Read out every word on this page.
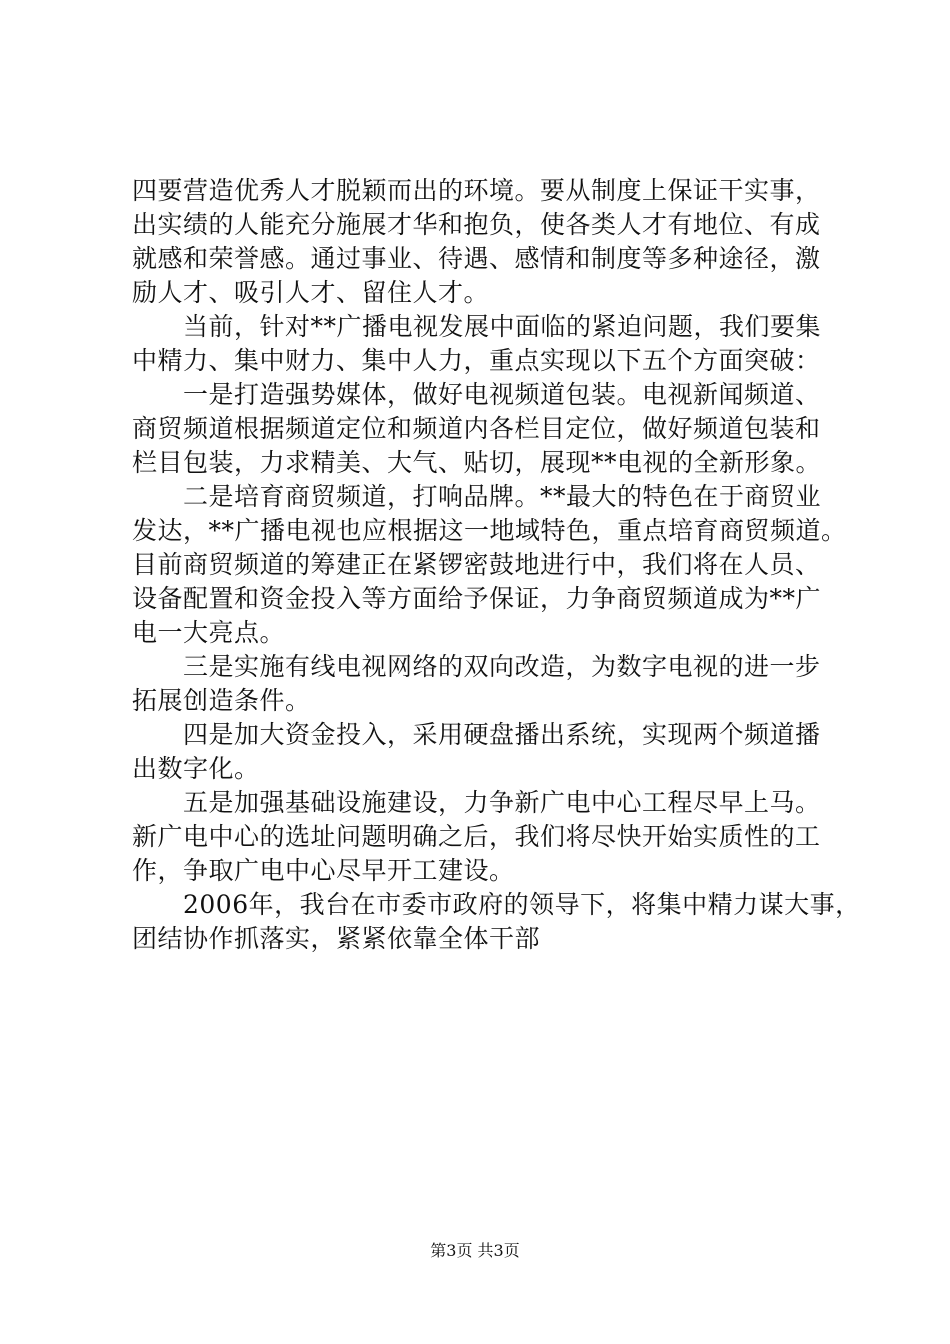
四要营造优秀人才脱颖而出的环境。要从制度上保证干实事，
出实绩的人能充分施展才华和抱负，使各类人才有地位、有成
就感和荣誉感。通过事业、待遇、感情和制度等多种途径，激
励人才、吸引人才、留住人才。
　　当前，针对**广播电视发展中面临的紧迫问题，我们要集
中精力、集中财力、集中人力，重点实现以下五个方面突破：
　　一是打造强势媒体，做好电视频道包装。电视新闻频道、
商贸频道根据频道定位和频道内各栏目定位，做好频道包装和
栏目包装，力求精美、大气、贴切，展现**电视的全新形象。
　　二是培育商贸频道，打响品牌。**最大的特色在于商贸业
发达，**广播电视也应根据这一地域特色，重点培育商贸频道。
目前商贸频道的筹建正在紧锣密鼓地进行中，我们将在人员、
设备配置和资金投入等方面给予保证，力争商贸频道成为**广
电一大亮点。
　　三是实施有线电视网络的双向改造，为数字电视的进一步
拓展创造条件。
　　四是加大资金投入，采用硬盘播出系统，实现两个频道播
出数字化。
　　五是加强基础设施建设，力争新广电中心工程尽早上马。
新广电中心的选址问题明确之后，我们将尽快开始实质性的工
作，争取广电中心尽早开工建设。
　　2006年，我台在市委市政府的领导下，将集中精力谋大事，
团结协作抓落实，紧紧依靠全体干部
第3页 共3页
